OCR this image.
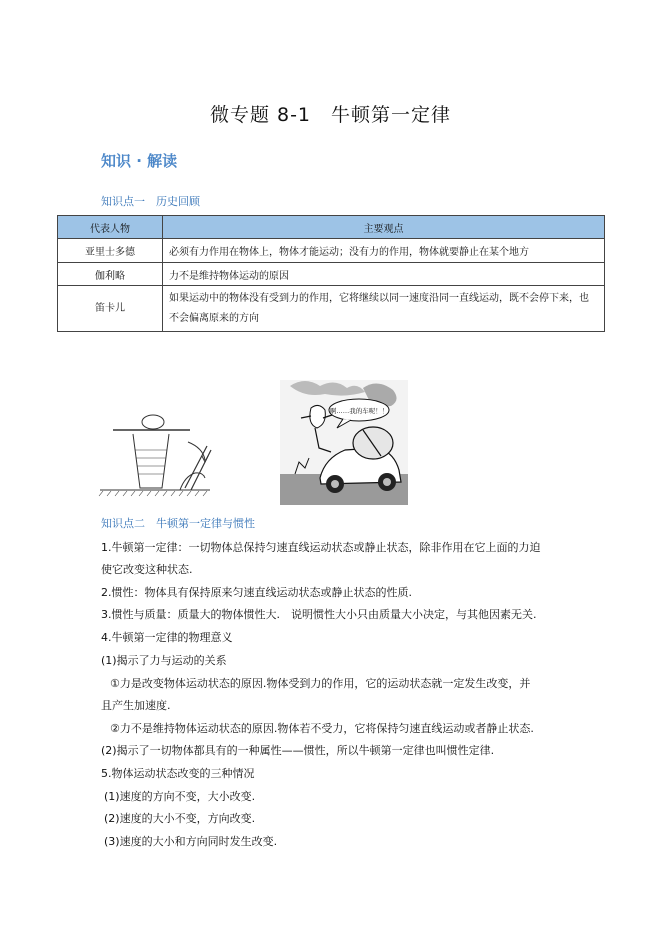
微专题 8-1　牛顿第一定律
知识 · 解读
知识点一　历史回顾
代表人物	主要观点
亚里士多德	必须有力作用在物体上，物体才能运动；没有力的作用，物体就要静止在某个地方
伽利略	力不是维持物体运动的原因
笛卡儿	如果运动中的物体没有受到力的作用，它将继续以同一速度沿同一直线运动，既不会停下来，也不会偏离原来的方向
啊……我的车呢！！
知识点二　牛顿第一定律与惯性
1.牛顿第一定律：一切物体总保持匀速直线运动状态或静止状态，除非作用在它上面的力迫
使它改变这种状态.
2.惯性：物体具有保持原来匀速直线运动状态或静止状态的性质.
3.惯性与质量：质量大的物体惯性大.　说明惯性大小只由质量大小决定，与其他因素无关.
4.牛顿第一定律的物理意义
(1)揭示了力与运动的关系
①力是改变物体运动状态的原因.物体受到力的作用，它的运动状态就一定发生改变，并
且产生加速度.
②力不是维持物体运动状态的原因.物体若不受力，它将保持匀速直线运动或者静止状态.
(2)揭示了一切物体都具有的一种属性——惯性，所以牛顿第一定律也叫惯性定律.
5.物体运动状态改变的三种情况
(1)速度的方向不变，大小改变.
(2)速度的大小不变，方向改变.
(3)速度的大小和方向同时发生改变.
